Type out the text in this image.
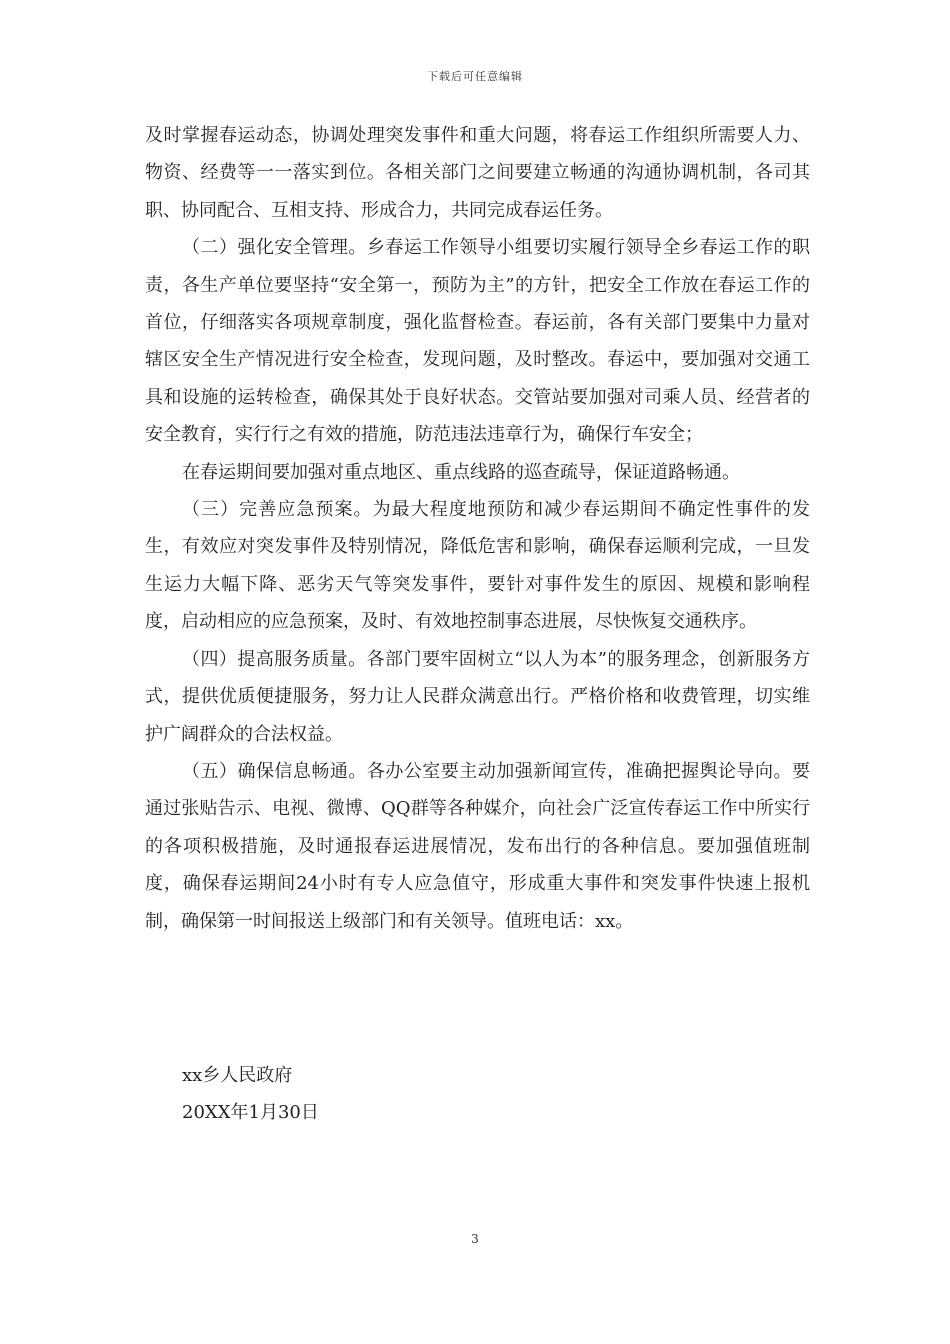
下载后可任意编辑

及时掌握春运动态，协调处理突发事件和重大问题，将春运工作组织所需要人力、物资、经费等一一落实到位。各相关部门之间要建立畅通的沟通协调机制，各司其职、协同配合、互相支持、形成合力，共同完成春运任务。

（二）强化安全管理。乡春运工作领导小组要切实履行领导全乡春运工作的职责，各生产单位要坚持“安全第一，预防为主”的方针，把安全工作放在春运工作的首位，仔细落实各项规章制度，强化监督检查。春运前，各有关部门要集中力量对辖区安全生产情况进行安全检查，发现问题，及时整改。春运中，要加强对交通工具和设施的运转检查，确保其处于良好状态。交管站要加强对司乘人员、经营者的安全教育，实行行之有效的措施，防范违法违章行为，确保行车安全；

在春运期间要加强对重点地区、重点线路的巡查疏导，保证道路畅通。

（三）完善应急预案。为最大程度地预防和减少春运期间不确定性事件的发生，有效应对突发事件及特别情况，降低危害和影响，确保春运顺利完成，一旦发生运力大幅下降、恶劣天气等突发事件，要针对事件发生的原因、规模和影响程度，启动相应的应急预案，及时、有效地控制事态进展，尽快恢复交通秩序。

（四）提高服务质量。各部门要牢固树立“以人为本”的服务理念，创新服务方式，提供优质便捷服务，努力让人民群众满意出行。严格价格和收费管理，切实维护广阔群众的合法权益。

（五）确保信息畅通。各办公室要主动加强新闻宣传，准确把握舆论导向。要通过张贴告示、电视、微博、QQ群等各种媒介，向社会广泛宣传春运工作中所实行的各项积极措施，及时通报春运进展情况，发布出行的各种信息。要加强值班制度，确保春运期间24小时有专人应急值守，形成重大事件和突发事件快速上报机制，确保第一时间报送上级部门和有关领导。值班电话：xx。

xx乡人民政府
20XX年1月30日
3
